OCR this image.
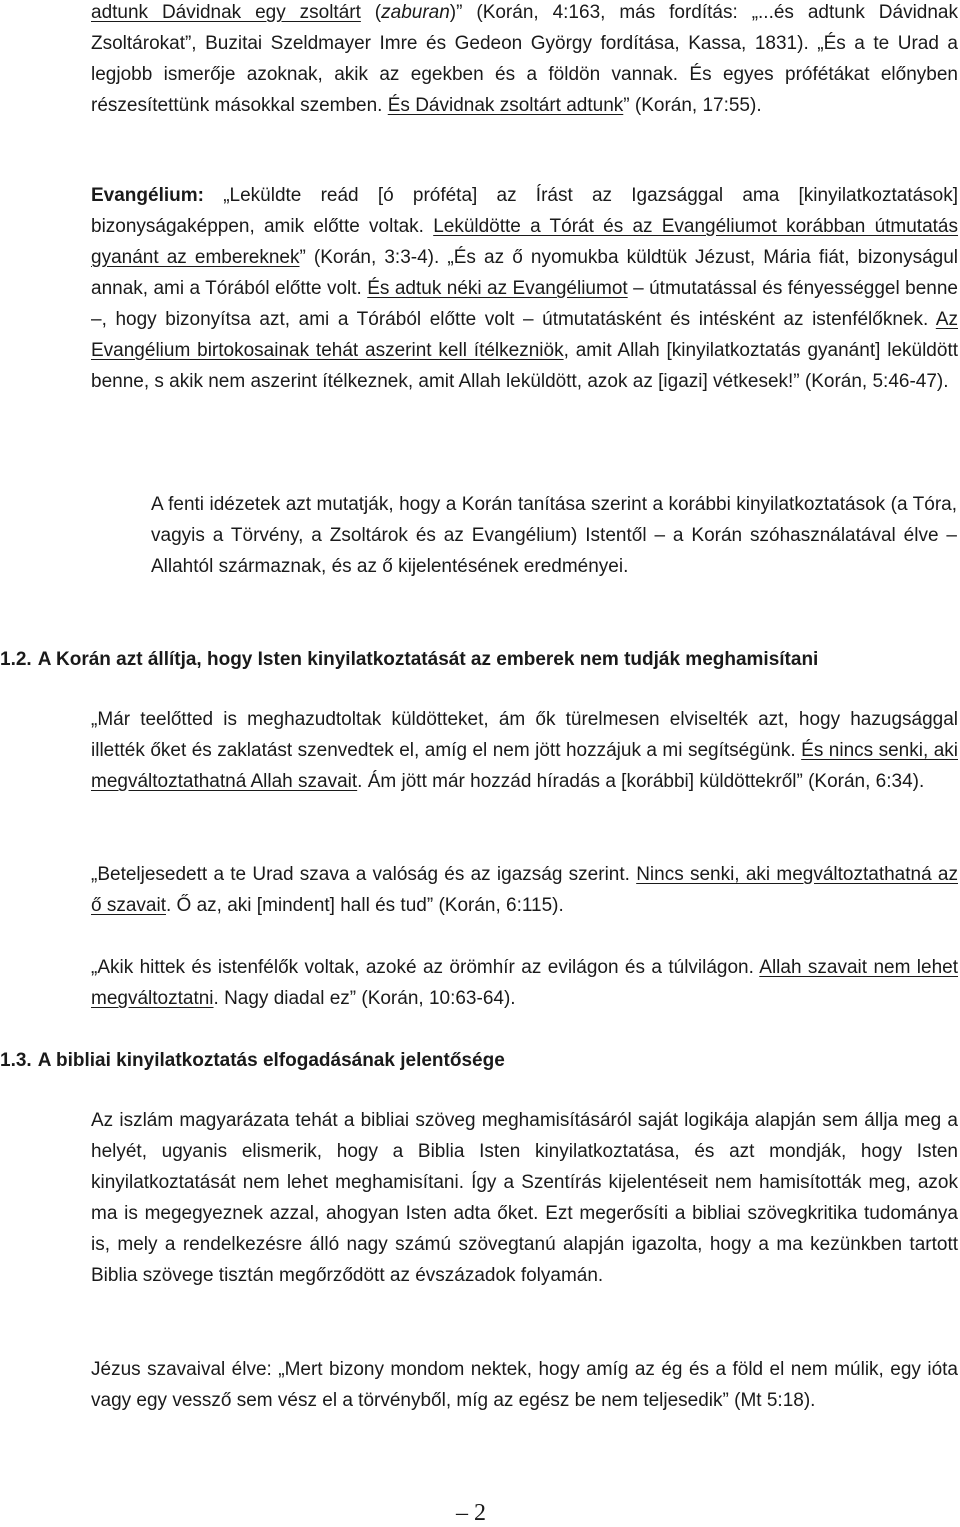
adtunk Dávidnak egy zsoltárt (zaburan)” (Korán, 4:163, más fordítás: „...és adtunk Dávidnak Zsoltárokat”, Buzitai Szeldmayer Imre és Gedeon György fordítása, Kassa, 1831). „És a te Urad a legjobb ismerője azoknak, akik az egekben és a földön vannak. És egyes prófétákat előnyben részesítettünk másokkal szemben. És Dávidnak zsoltárt adtunk” (Korán, 17:55).

Evangélium: „Leküldte reád [ó próféta] az Írást az Igazsággal ama [kinyilatkoztatások] bizonyságaképpen, amik előtte voltak. Leküldötte a Tórát és az Evangéliumot korábban útmutatás gyanánt az embereknek” (Korán, 3:3-4). „És az ő nyomukba küldtük Jézust, Mária fiát, bizonyságul annak, ami a Tórából előtte volt. És adtuk néki az Evangéliumot – útmutatással és fényességgel benne –, hogy bizonyítsa azt, ami a Tórából előtte volt – útmutatásként és intésként az istenfélőknek. Az Evangélium birtokosainak tehát aszerint kell ítélkezniök, amit Allah [kinyilatkoztatás gyanánt] leküldött benne, s akik nem aszerint ítélkeznek, amit Allah leküldött, azok az [igazi] vétkesek!” (Korán, 5:46-47).

A fenti idézetek azt mutatják, hogy a Korán tanítása szerint a korábbi kinyilatkoztatások (a Tóra, vagyis a Törvény, a Zsoltárok és az Evangélium) Istentől – a Korán szóhasználatával élve – Allahtól származnak, és az ő kijelentésének eredményei.

1.2. A Korán azt állítja, hogy Isten kinyilatkoztatását az emberek nem tudják meghamisítani

„Már teelőtted is meghazudtoltak küldötteket, ám ők türelmesen elviselték azt, hogy hazugsággal illették őket és zaklatást szenvedtek el, amíg el nem jött hozzájuk a mi segítségünk. És nincs senki, aki megváltoztathatná Allah szavait. Ám jött már hozzád híradás a [korábbi] küldöttekről” (Korán, 6:34).

„Beteljesedett a te Urad szava a valóság és az igazság szerint. Nincs senki, aki megváltoztathatná az ő szavait. Ő az, aki [mindent] hall és tud” (Korán, 6:115).

„Akik hittek és istenfélők voltak, azoké az örömhír az evilágon és a túlvilágon. Allah szavait nem lehet megváltoztatni. Nagy diadal ez” (Korán, 10:63-64).

1.3. A bibliai kinyilatkoztatás elfogadásának jelentősége

Az iszlám magyarázata tehát a bibliai szöveg meghamisításáról saját logikája alapján sem állja meg a helyét, ugyanis elismerik, hogy a Biblia Isten kinyilatkoztatása, és azt mondják, hogy Isten kinyilatkoztatását nem lehet meghamisítani. Így a Szentírás kijelentéseit nem hamisították meg, azok ma is megegyeznek azzal, ahogyan Isten adta őket. Ezt megerősíti a bibliai szövegkritika tudománya is, mely a rendelkezésre álló nagy számú szövegtanú alapján igazolta, hogy a ma kezünkben tartott Biblia szövege tisztán megőrződött az évszázadok folyamán.

Jézus szavaival élve: „Mert bizony mondom nektek, hogy amíg az ég és a föld el nem múlik, egy ióta vagy egy vessző sem vész el a törvényből, míg az egész be nem teljesedik” (Mt 5:18).

– 2
